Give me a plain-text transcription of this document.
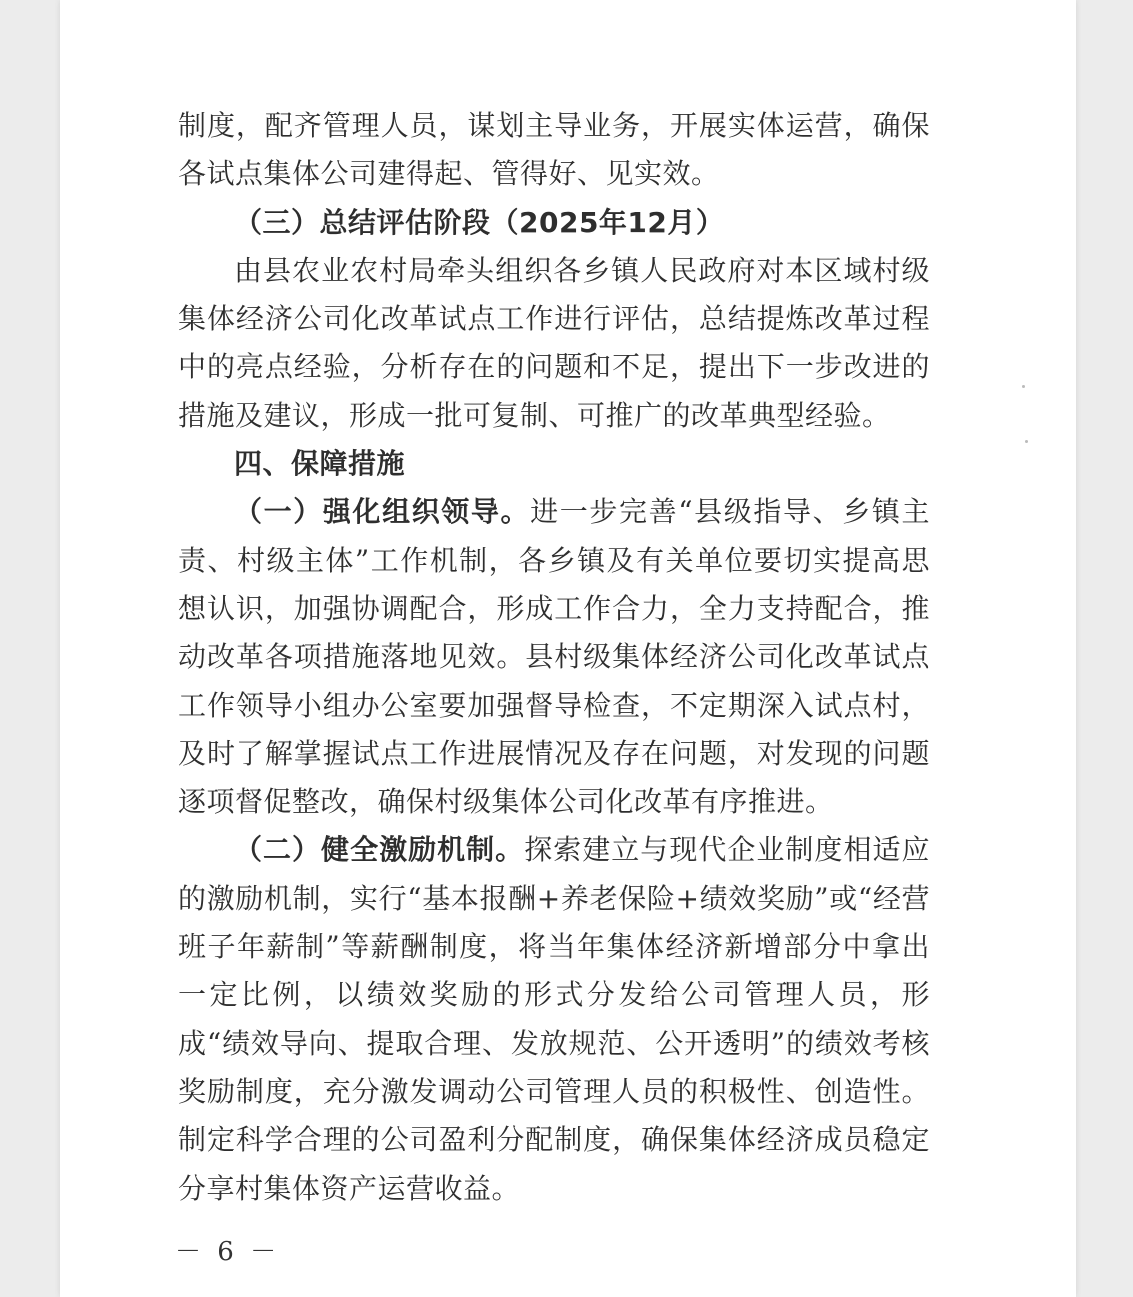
制度，配齐管理人员，谋划主导业务，开展实体运营，确保各试点集体公司建得起、管得好、见实效。

（三）总结评估阶段（2025年12月）

由县农业农村局牵头组织各乡镇人民政府对本区域村级集体经济公司化改革试点工作进行评估，总结提炼改革过程中的亮点经验，分析存在的问题和不足，提出下一步改进的措施及建议，形成一批可复制、可推广的改革典型经验。

四、保障措施

（一）强化组织领导。进一步完善“县级指导、乡镇主责、村级主体”工作机制，各乡镇及有关单位要切实提高思想认识，加强协调配合，形成工作合力，全力支持配合，推动改革各项措施落地见效。县村级集体经济公司化改革试点工作领导小组办公室要加强督导检查，不定期深入试点村，及时了解掌握试点工作进展情况及存在问题，对发现的问题逐项督促整改，确保村级集体公司化改革有序推进。

（二）健全激励机制。探索建立与现代企业制度相适应的激励机制，实行“基本报酬+养老保险+绩效奖励”或“经营班子年薪制”等薪酬制度，将当年集体经济新增部分中拿出一定比例，以绩效奖励的形式分发给公司管理人员，形成“绩效导向、提取合理、发放规范、公开透明”的绩效考核奖励制度，充分激发调动公司管理人员的积极性、创造性。制定科学合理的公司盈利分配制度，确保集体经济成员稳定分享村集体资产运营收益。

－ 6 －
